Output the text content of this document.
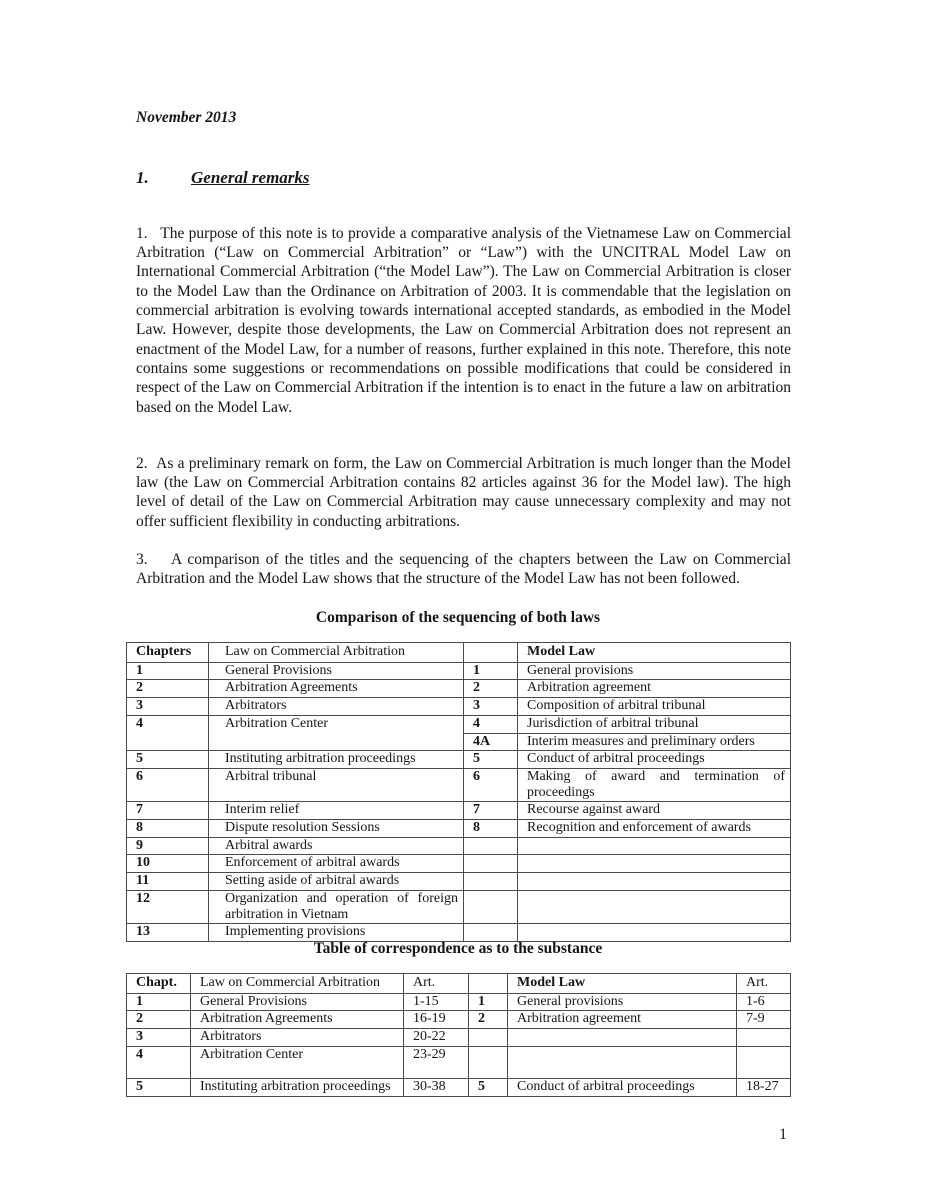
November 2013
1. General remarks

1.   The purpose of this note is to provide a comparative analysis of the Vietnamese Law on Commercial Arbitration (“Law on Commercial Arbitration” or “Law”) with the UNCITRAL Model Law on International Commercial Arbitration (“the Model Law”). The Law on Commercial Arbitration is closer to the Model Law than the Ordinance on Arbitration of 2003. It is commendable that the legislation on commercial arbitration is evolving towards international accepted standards, as embodied in the Model Law. However, despite those developments, the Law on Commercial Arbitration does not represent an enactment of the Model Law, for a number of reasons, further explained in this note. Therefore, this note contains some suggestions or recommendations on possible modifications that could be considered in respect of the Law on Commercial Arbitration if the intention is to enact in the future a law on arbitration based on the Model Law.

2.  As a preliminary remark on form, the Law on Commercial Arbitration is much longer than the Model law (the Law on Commercial Arbitration contains 82 articles against 36 for the Model law). The high level of detail of the Law on Commercial Arbitration may cause unnecessary complexity and may not offer sufficient flexibility in conducting arbitrations.

3.    A comparison of the titles and the sequencing of the chapters between the Law on Commercial Arbitration and the Model Law shows that the structure of the Model Law has not been followed.

Comparison of the sequencing of both laws
Chapters	Law on Commercial Arbitration		Model Law
1	General Provisions	1	General provisions
2	Arbitration Agreements	2	Arbitration agreement
3	Arbitrators	3	Composition of arbitral tribunal
4	Arbitration Center	4	Jurisdiction of arbitral tribunal
		4A	Interim measures and preliminary orders
5	Instituting arbitration proceedings	5	Conduct of arbitral proceedings
6	Arbitral tribunal	6	Making of award and termination of proceedings
7	Interim relief	7	Recourse against award
8	Dispute resolution Sessions	8	Recognition and enforcement of awards
9	Arbitral awards		
10	Enforcement of arbitral awards		
11	Setting aside of arbitral awards		
12	Organization and operation of foreign arbitration in Vietnam		
13	Implementing provisions		
Table of correspondence as to the substance
Chapt.	Law on Commercial Arbitration	Art.		Model Law	Art.
1	General Provisions	1-15	1	General provisions	1-6
2	Arbitration Agreements	16-19	2	Arbitration agreement	7-9
3	Arbitrators	20-22			
4	Arbitration Center	23-29			
5	Instituting arbitration proceedings	30-38	5	Conduct of arbitral proceedings	18-27
1
